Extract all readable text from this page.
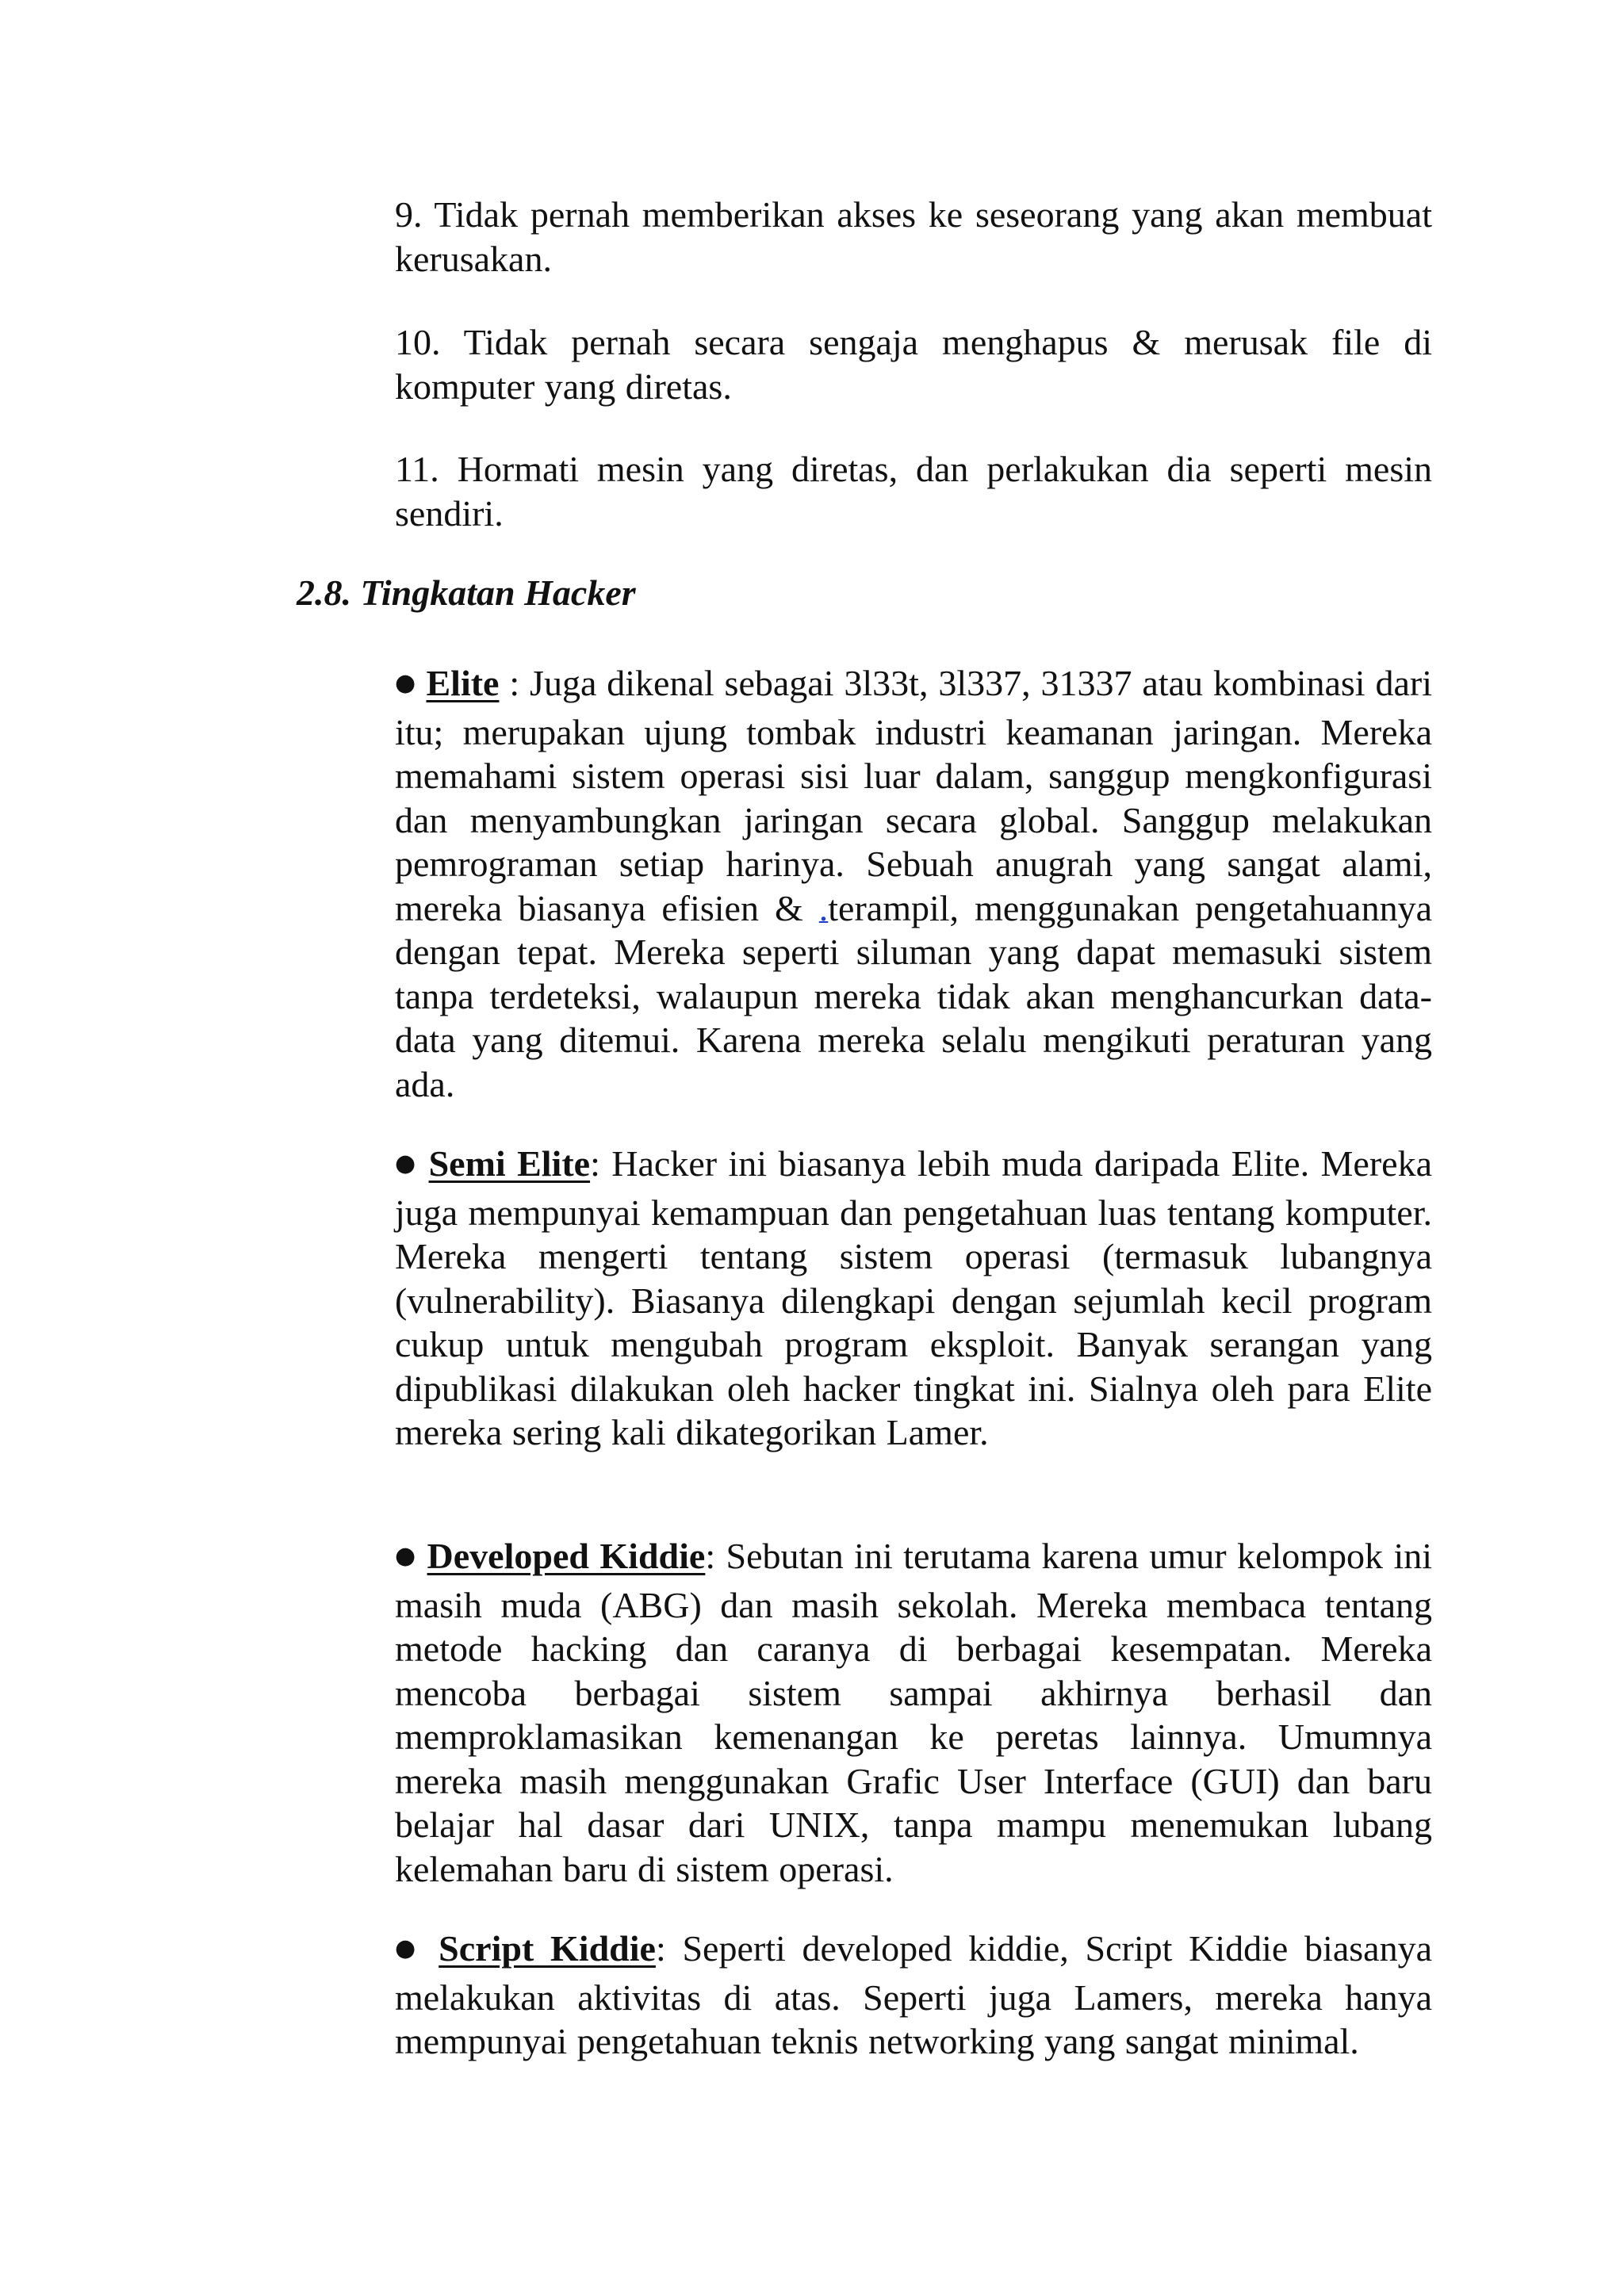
9. Tidak pernah memberikan akses ke seseorang yang akan membuat kerusakan.

10. Tidak pernah secara sengaja menghapus & merusak file di komputer yang diretas.

11. Hormati mesin yang diretas, dan perlakukan dia seperti mesin sendiri.

2.8. Tingkatan Hacker

● Elite : Juga dikenal sebagai 3l33t, 3l337, 31337 atau kombinasi dari itu; merupakan ujung tombak industri keamanan jaringan. Mereka memahami sistem operasi sisi luar dalam, sanggup mengkonfigurasi dan menyambungkan jaringan secara global. Sanggup melakukan pemrograman setiap harinya. Sebuah anugrah yang sangat alami, mereka biasanya efisien & .terampil, menggunakan pengetahuannya dengan tepat. Mereka seperti siluman yang dapat memasuki sistem tanpa terdeteksi, walaupun mereka tidak akan menghancurkan data-data yang ditemui. Karena mereka selalu mengikuti peraturan yang ada.

● Semi Elite: Hacker ini biasanya lebih muda daripada Elite. Mereka juga mempunyai kemampuan dan pengetahuan luas tentang komputer. Mereka mengerti tentang sistem operasi (termasuk lubangnya (vulnerability). Biasanya dilengkapi dengan sejumlah kecil program cukup untuk mengubah program eksploit. Banyak serangan yang dipublikasi dilakukan oleh hacker tingkat ini. Sialnya oleh para Elite mereka sering kali dikategorikan Lamer.

● Developed Kiddie: Sebutan ini terutama karena umur kelompok ini masih muda (ABG) dan masih sekolah. Mereka membaca tentang metode hacking dan caranya di berbagai kesempatan. Mereka mencoba berbagai sistem sampai akhirnya berhasil dan memproklamasikan kemenangan ke peretas lainnya. Umumnya mereka masih menggunakan Grafic User Interface (GUI) dan baru belajar hal dasar dari UNIX, tanpa mampu menemukan lubang kelemahan baru di sistem operasi.

● Script Kiddie: Seperti developed kiddie, Script Kiddie biasanya melakukan aktivitas di atas. Seperti juga Lamers, mereka hanya mempunyai pengetahuan teknis networking yang sangat minimal.
